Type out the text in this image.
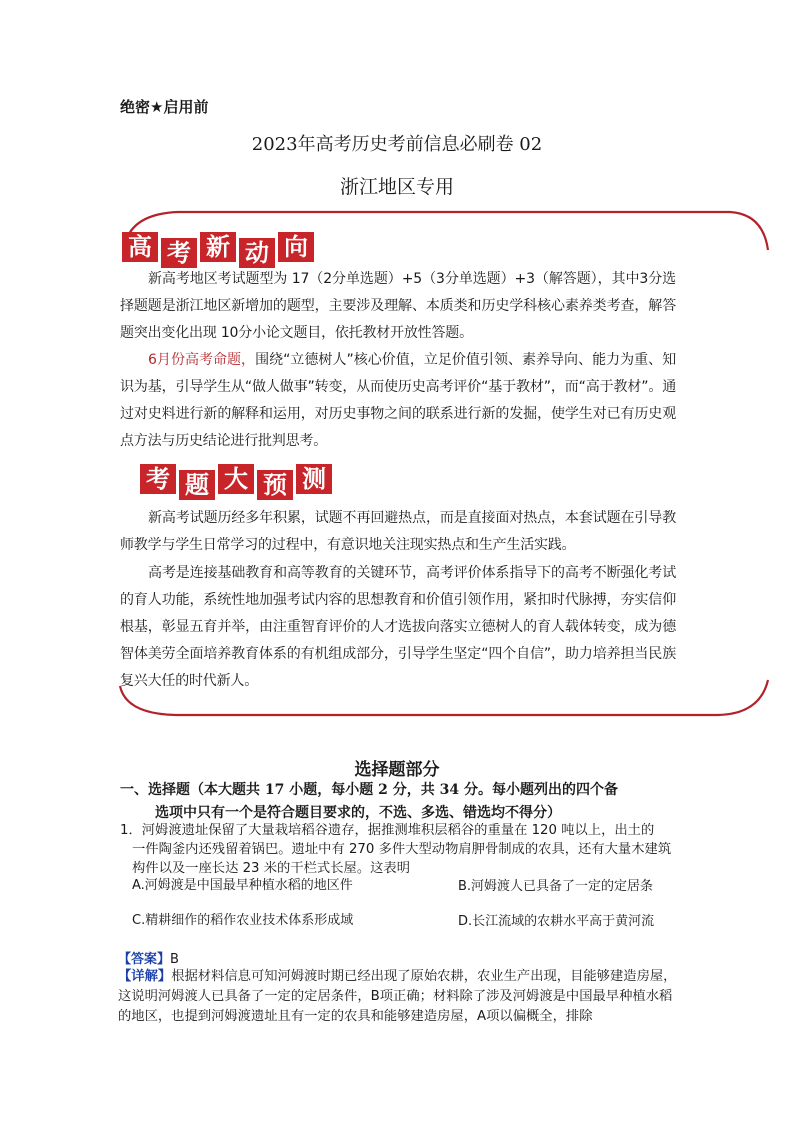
绝密★启用前
2023年高考历史考前信息必刷卷 02
浙江地区专用
高 考 新 动 向
新高考地区考试题型为 17（2分单选题）+5（3分单选题）+3（解答题），其中3分选择题题是浙江地区新增加的题型，主要涉及理解、本质类和历史学科核心素养类考查，解答题突出变化出现 10分小论文题目，依托教材开放性答题。
6月份高考命题，围绕“立德树人”核心价值，立足价值引领、素养导向、能力为重、知识为基，引导学生从“做人做事”转变，从而使历史高考评价“基于教材”，而“高于教材”。通过对史料进行新的解释和运用，对历史事物之间的联系进行新的发掘，使学生对已有历史观点方法与历史结论进行批判思考。
考 题 大 预 测
新高考试题历经多年积累，试题不再回避热点，而是直接面对热点，本套试题在引导教师教学与学生日常学习的过程中，有意识地关注现实热点和生产生活实践。
高考是连接基础教育和高等教育的关键环节，高考评价体系指导下的高考不断强化考试的育人功能，系统性地加强考试内容的思想教育和价值引领作用，紧扣时代脉搏，夯实信仰根基，彰显五育并举，由注重智育评价的人才选拔向落实立德树人的育人载体转变，成为德智体美劳全面培养教育体系的有机组成部分，引导学生坚定“四个自信”，助力培养担当民族复兴大任的时代新人。
选择题部分
一、选择题（本大题共 17 小题，每小题 2 分，共 34 分。每小题列出的四个备
选项中只有一个是符合题目要求的，不选、多选、错选均不得分）
1．河姆渡遗址保留了大量栽培稻谷遗存，据推测堆积层稻谷的重量在 120 吨以上，出土的
一件陶釜内还残留着锅巴。遗址中有 270 多件大型动物肩胛骨制成的农具，还有大量木建筑构件以及一座长达 23 米的干栏式长屋。这表明
A.河姆渡是中国最早种植水稻的地区件	B.河姆渡人已具备了一定的定居条
C.精耕细作的稻作农业技术体系形成域	D.长江流域的农耕水平高于黄河流
【答案】B
【详解】根据材料信息可知河姆渡时期已经出现了原始农耕，农业生产出现，目能够建造房屋，这说明河姆渡人已具备了一定的定居条件，B项正确；材料除了涉及河姆渡是中国最早种植水稻的地区，也提到河姆渡遗址且有一定的农具和能够建造房屋，A项以偏概全，排除
